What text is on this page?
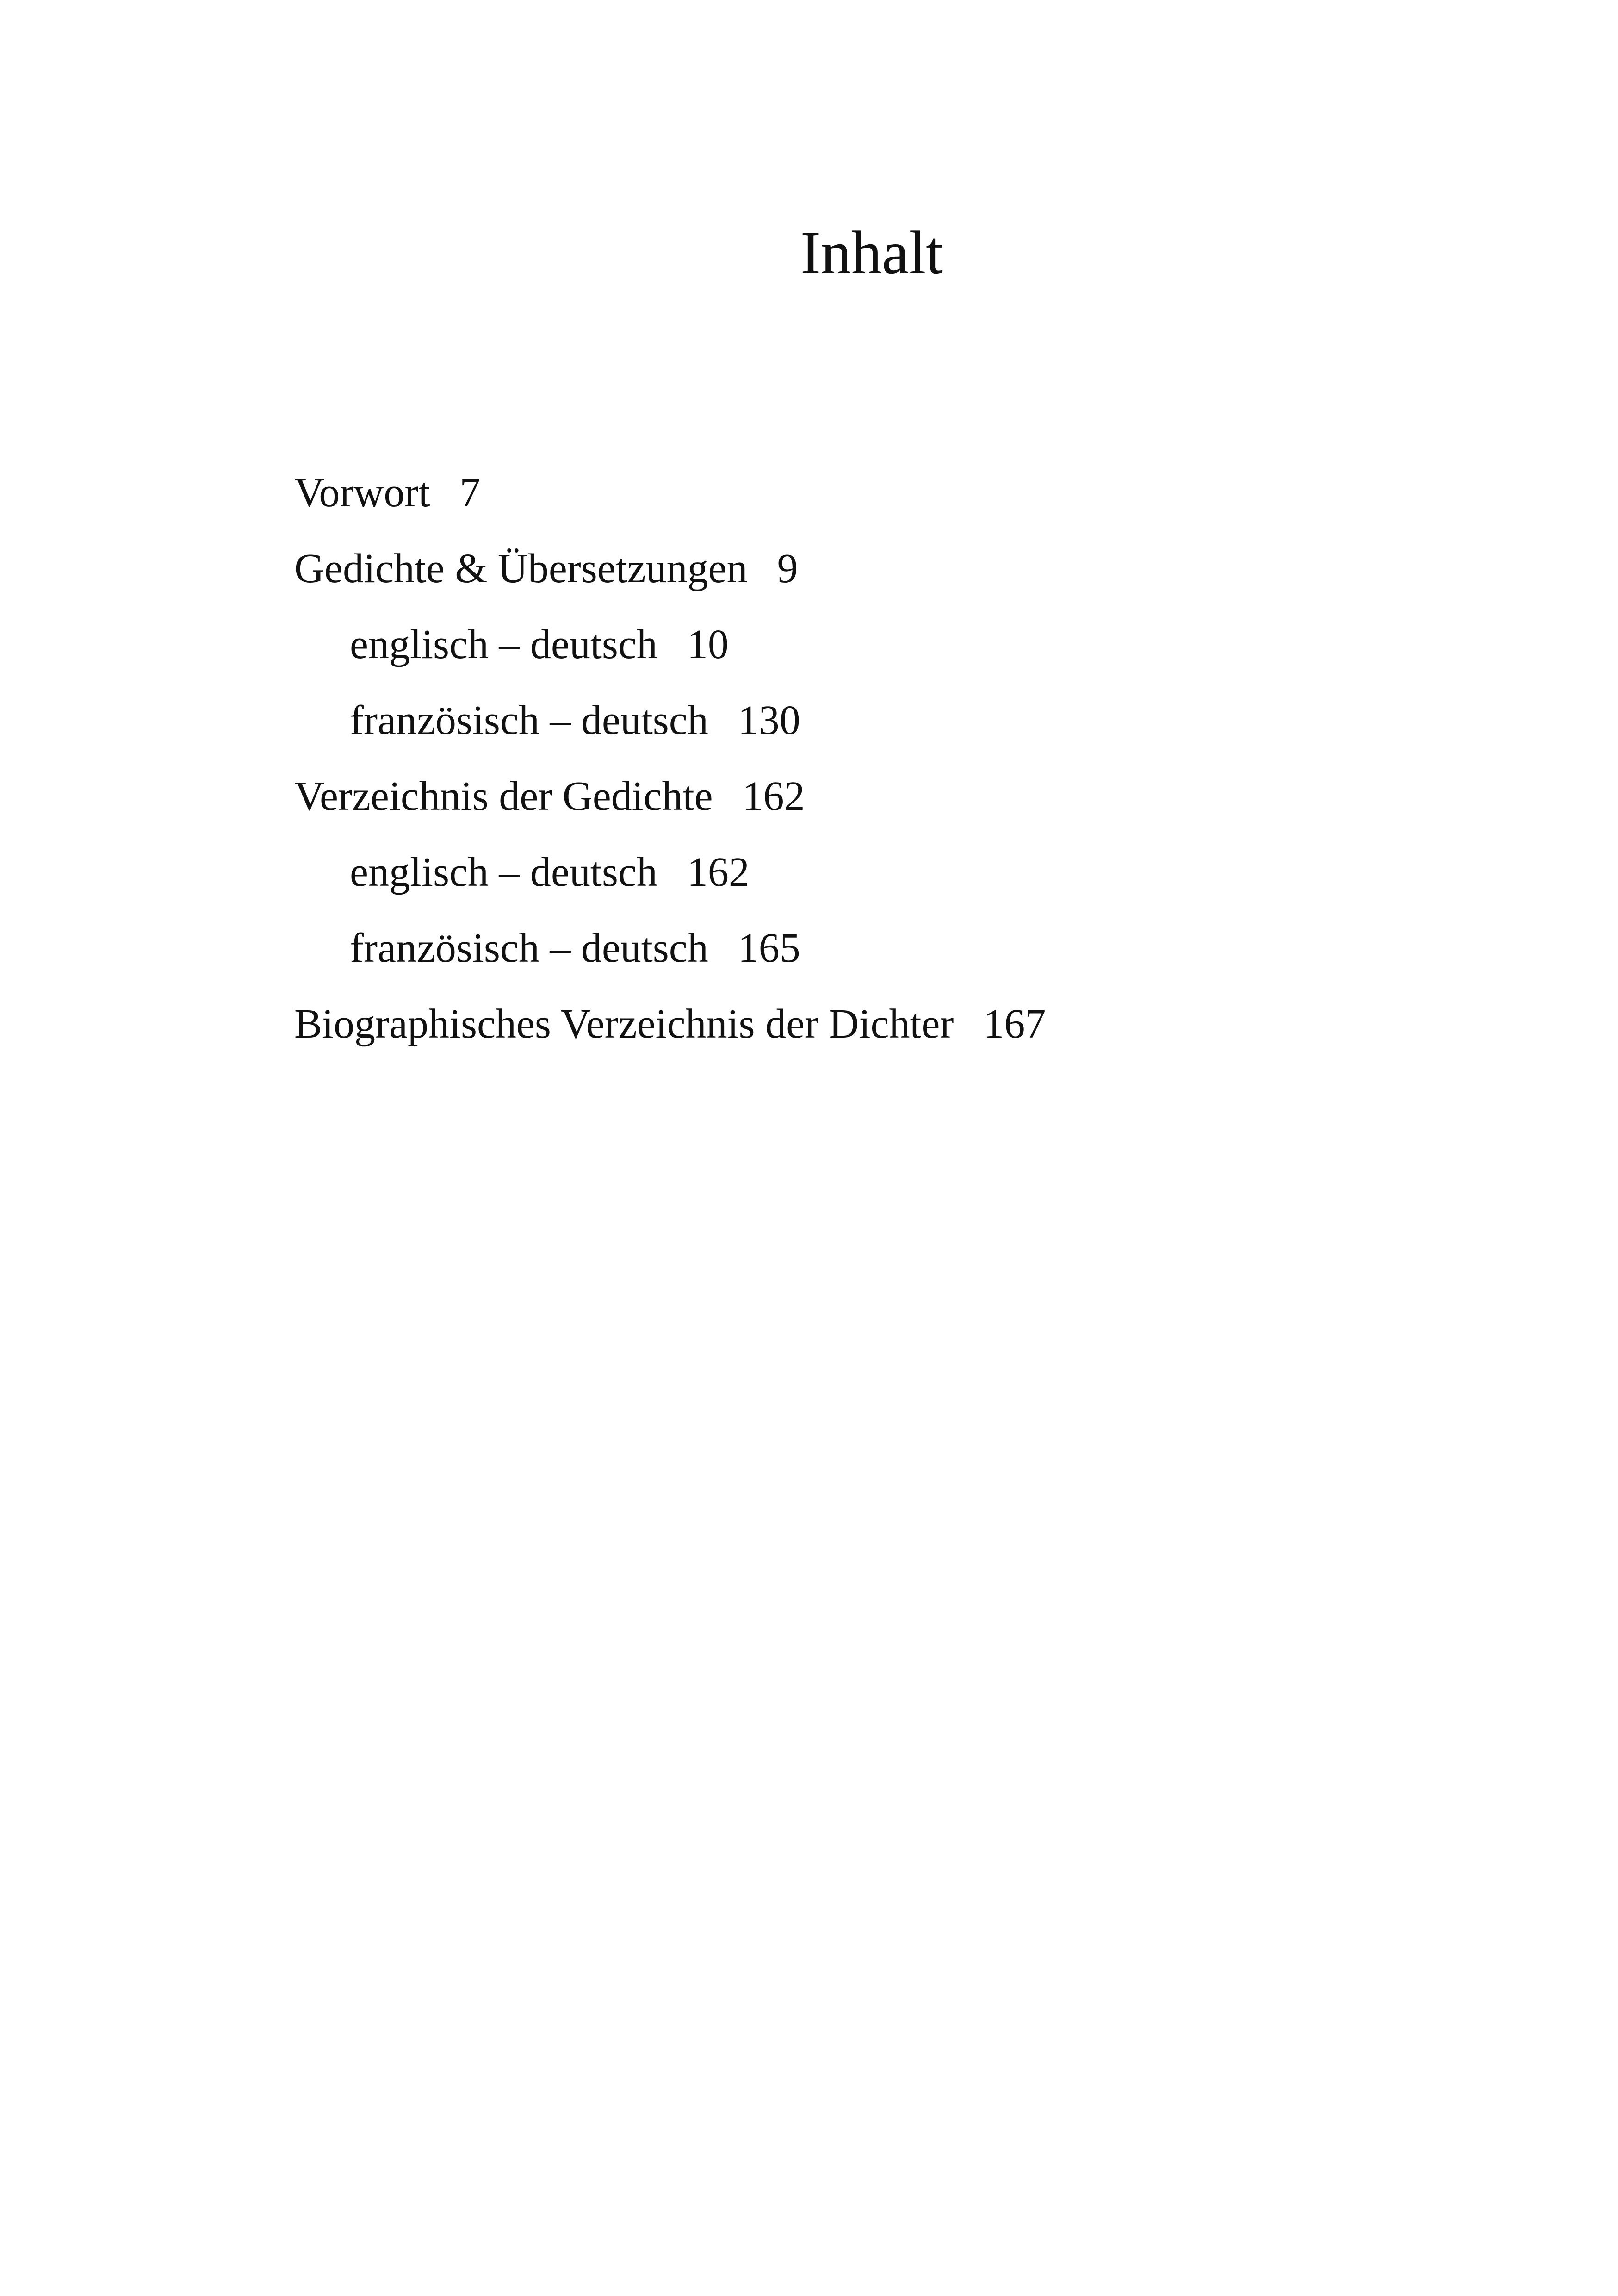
Inhalt
Vorwort 7
Gedichte & Übersetzungen 9
englisch – deutsch 10
französisch – deutsch 130
Verzeichnis der Gedichte 162
englisch – deutsch 162
französisch – deutsch 165
Biographisches Verzeichnis der Dichter 167
